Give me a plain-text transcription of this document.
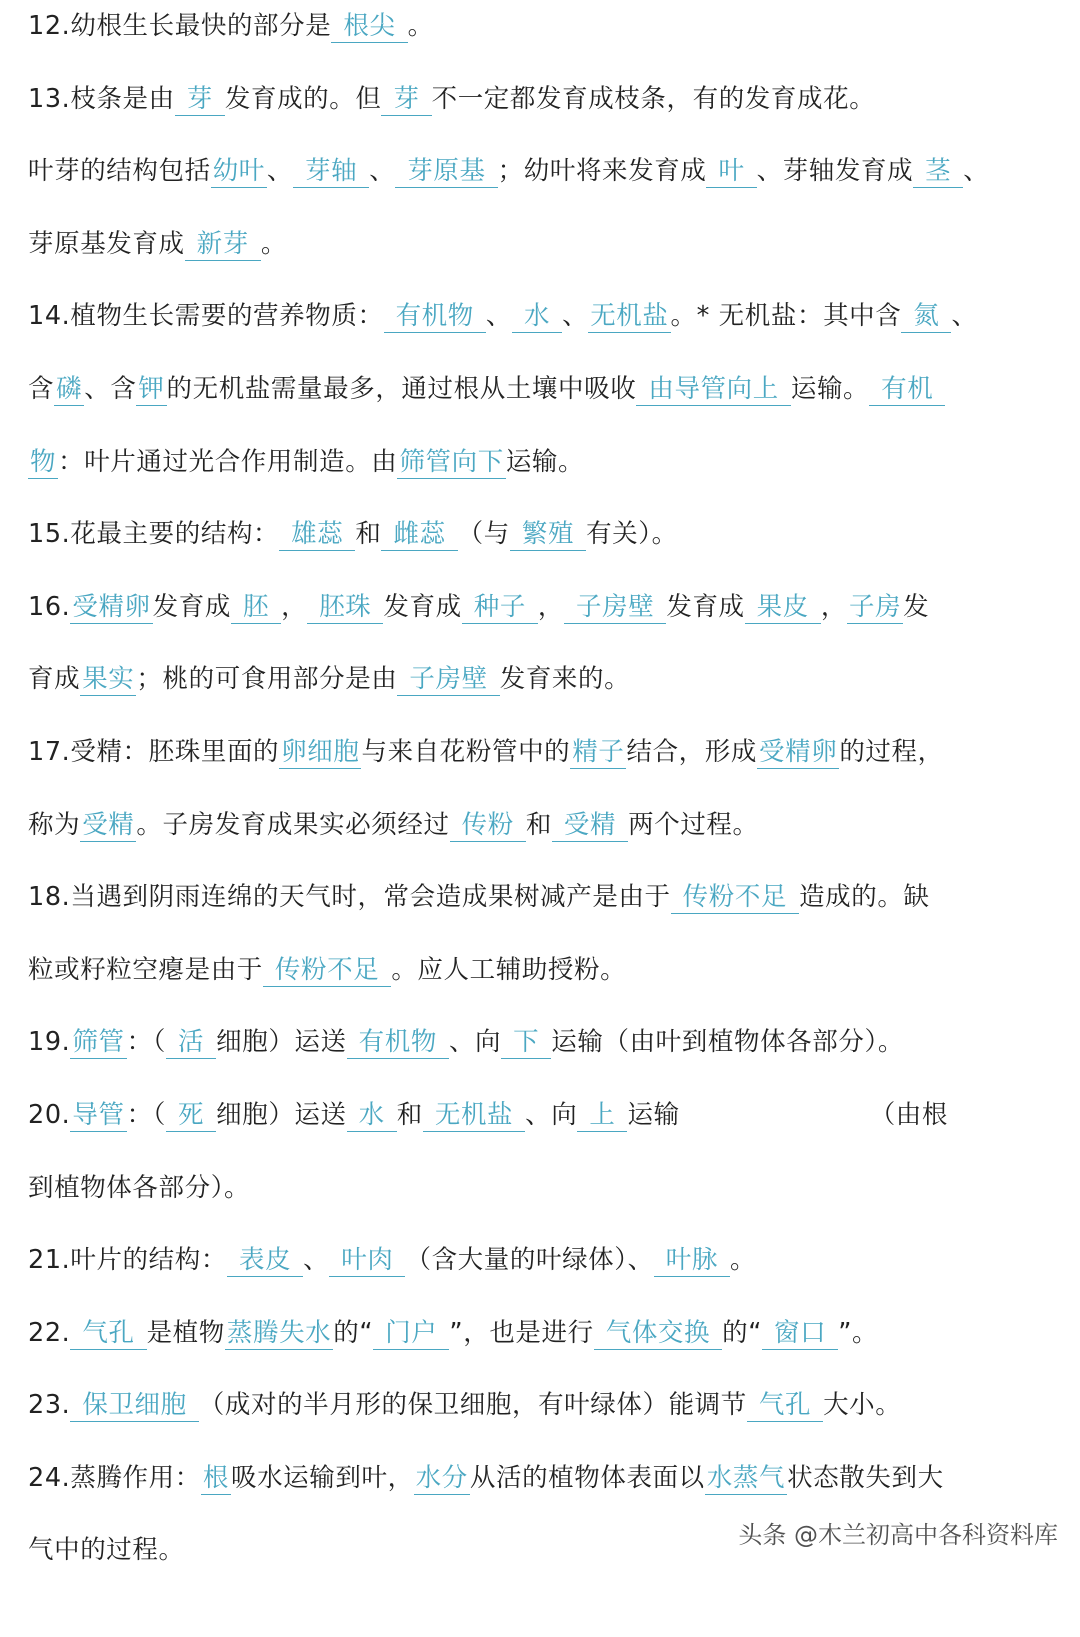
12.幼根生长最快的部分是 根尖 。
13.枝条是由 芽 发育成的。但 芽 不一定都发育成枝条，有的发育成花。
叶芽的结构包括幼叶、 芽轴 、 芽原基 ；幼叶将来发育成 叶 、芽轴发育成 茎 、
芽原基发育成 新芽 。
14.植物生长需要的营养物质： 有机物 、 水 、无机盐。* 无机盐：其中含 氮 、
含磷、含钾的无机盐需量最多，通过根从土壤中吸收 由导管向上 运输。 有机
物：叶片通过光合作用制造。由筛管向下运输。
15.花最主要的结构： 雄蕊 和 雌蕊 （与 繁殖 有关）。
16.受精卵发育成 胚 ， 胚珠 发育成 种子 ， 子房壁 发育成 果皮 ，子房发
育成果实；桃的可食用部分是由 子房壁 发育来的。
17.受精：胚珠里面的卵细胞与来自花粉管中的精子结合，形成受精卵的过程，
称为受精。子房发育成果实必须经过 传粉 和 受精 两个过程。
18.当遇到阴雨连绵的天气时，常会造成果树减产是由于 传粉不足 造成的。缺
粒或籽粒空瘪是由于 传粉不足 。应人工辅助授粉。
19.筛管：（ 活 细胞）运送 有机物 、向 下 运输（由叶到植物体各部分）。
20.导管：（ 死 细胞）运送 水 和 无机盐 、向 上 运输	（由根
到植物体各部分）。
21.叶片的结构： 表皮 、 叶肉 （含大量的叶绿体）、 叶脉 。
22. 气孔 是植物蒸腾失水的“ 门户 ”，也是进行 气体交换 的“ 窗口 ”。
23. 保卫细胞 （成对的半月形的保卫细胞，有叶绿体）能调节 气孔 大小。
24.蒸腾作用：根吸水运输到叶，水分从活的植物体表面以水蒸气状态散失到大
气中的过程。
头条 @木兰初高中各科资料库
